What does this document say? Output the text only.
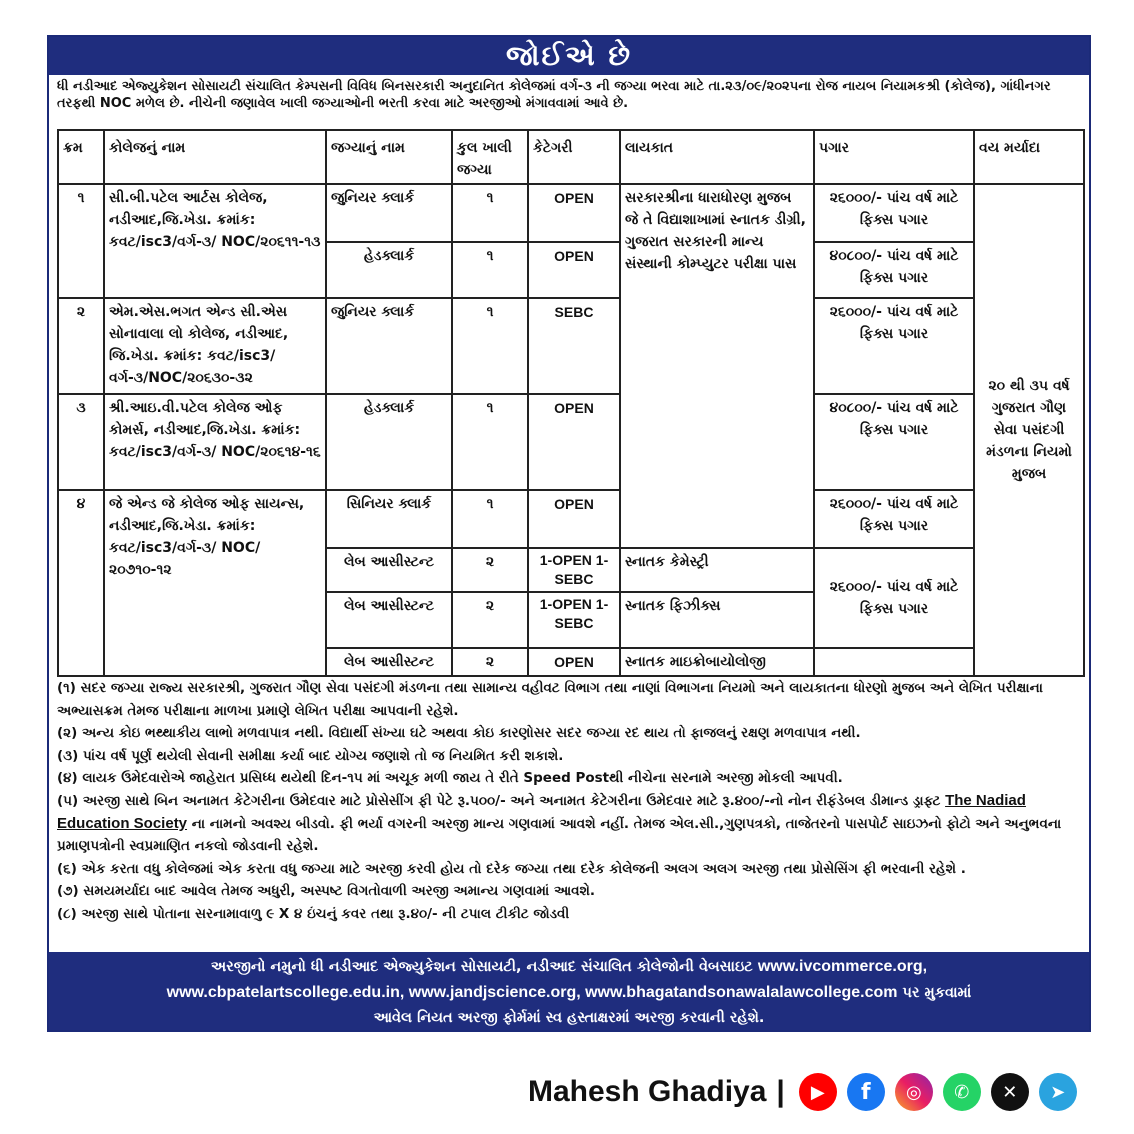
જોઈએ છે
ધી નડીઆદ એજ્યુકેશન સોસાયટી સંચાલિત કેમ્પસની વિવિધ બિનસરકારી અનુદાનિત કોલેજમાં વર્ગ-૩ ની જગ્યા ભરવા માટે તા.૨૩/૦૯/૨૦૨૫ના રોજ નાયબ નિયામકશ્રી (કોલેજ), ગાંધીનગર તરફથી NOC મળેલ છે. નીચેની જણાવેલ ખાલી જગ્યાઓની ભરતી કરવા માટે અરજીઓ મંગાવવામાં આવે છે.
ક્રમ	કોલેજનું નામ	જગ્યાનું નામ	કુલ ખાલી જગ્યા	કેટેગરી	લાયકાત	પગાર	વય મર્યાદા
૧	સી.બી.પટેલ આર્ટસ કોલેજ, નડીઆદ,જિ.ખેડા. ક્રમાંક: કવટ/isc3/વર્ગ-૩/ NOC/૨૦૬૧૧-૧૩	જુનિયર ક્લાર્ક	૧	OPEN	સરકારશ્રીના ધારાધોરણ મુજબ જે તે વિદ્યાશાખામાં સ્નાતક ડીગ્રી, ગુજરાત સરકારની માન્ય સંસ્થાની કોમ્પ્યુટર પરીક્ષા પાસ	૨૬૦૦૦/- પાંચ વર્ષ માટે ફિક્સ પગાર	૨૦ થી ૩૫ વર્ષ ગુજરાત ગૌણ સેવા પસંદગી મંડળના નિયમો મુજબ
		હેડક્લાર્ક	૧	OPEN		૪૦૮૦૦/- પાંચ વર્ષ માટે ફિક્સ પગાર	
૨	એમ.એસ.ભગત એન્ડ સી.એસ સોનાવાલા લો કોલેજ, નડીઆદ, જિ.ખેડા. ક્રમાંક: કવટ/isc3/ વર્ગ-૩/NOC/૨૦૬૩૦-૩૨	જુનિયર ક્લાર્ક	૧	SEBC		૨૬૦૦૦/- પાંચ વર્ષ માટે ફિક્સ પગાર	
૩	શ્રી.આઇ.વી.પટેલ કોલેજ ઓફ કોમર્સ, નડીઆદ,જિ.ખેડા. ક્રમાંક: કવટ/isc3/વર્ગ-૩/ NOC/૨૦૬૧૪-૧૬	હેડક્લાર્ક	૧	OPEN		૪૦૮૦૦/- પાંચ વર્ષ માટે ફિક્સ પગાર	
૪	જે એન્ડ જે કોલેજ ઓફ સાયન્સ, નડીઆદ,જિ.ખેડા. ક્રમાંક: કવટ/isc3/વર્ગ-૩/ NOC/૨૦૭૧૦-૧૨	સિનિયર ક્લાર્ક	૧	OPEN		૨૬૦૦૦/- પાંચ વર્ષ માટે ફિક્સ પગાર	
		લેબ આસીસ્ટન્ટ	૨	1-OPEN 1-SEBC	સ્નાતક કેમેસ્ટ્રી	૨૬૦૦૦/- પાંચ વર્ષ માટે ફિક્સ પગાર	
		લેબ આસીસ્ટન્ટ	૨	1-OPEN 1-SEBC	સ્નાતક ફિઝીક્સ		
		લેબ આસીસ્ટન્ટ	૨	OPEN	સ્નાતક માઇક્રોબાયોલોજી		
(૧) સદર જગ્યા રાજ્ય સરકારશ્રી, ગુજરાત ગૌણ સેવા પસંદગી મંડળના તથા સામાન્ય વહીવટ વિભાગ તથા નાણાં વિભાગના નિયમો અને લાયકાતના ધોરણો મુજબ અને લેખિત પરીક્ષાના અભ્યાસક્રમ તેમજ પરીક્ષાના માળખા પ્રમાણે લેખિત પરીક્ષા આપવાની રહેશે.
(૨) અન્ય કોઇ ભથ્થાકીય લાભો મળવાપાત્ર નથી. વિદ્યાર્થી સંખ્યા ઘટે અથવા કોઇ કારણોસર સદર જગ્યા રદ થાય તો ફાજલનું રક્ષણ મળવાપાત્ર નથી.
(૩) પાંચ વર્ષ પૂર્ણ થયેલી સેવાની સમીક્ષા કર્યા બાદ યોગ્ય જણાશે તો જ નિયમિત કરી શકાશે.
(૪) લાયક ઉમેદવારોએ જાહેરાત પ્રસિધ્ધ થયેથી દિન-૧૫ માં અચૂક મળી જાય તે રીતે Speed Postથી નીચેના સરનામે અરજી મોકલી આપવી.
(૫) અરજી સાથે બિન અનામત કેટેગરીના ઉમેદવાર માટે પ્રોસેસીંગ ફી પેટે રૂ.૫૦૦/- અને અનામત કેટેગરીના ઉમેદવાર માટે રૂ.૪૦૦/-નો નોન રીફંડેબલ ડીમાન્ડ ડ્રાફ્ટ The Nadiad Education Society ના નામનો અવશ્ય બીડવો. ફી ભર્યા વગરની અરજી માન્ય ગણવામાં આવશે નહીં. તેમજ એલ.સી.,ગુણપત્રકો, તાજેતરનો પાસપોર્ટ સાઇઝનો ફોટો અને અનુભવના પ્રમાણપત્રોની સ્વપ્રમાણિત નકલો જોડવાની રહેશે.
(૬) એક કરતા વધુ કોલેજમાં એક કરતા વધુ જગ્યા માટે અરજી કરવી હોય તો દરેક જગ્યા તથા દરેક કોલેજની અલગ અલગ અરજી તથા પ્રોસેસિંગ ફી ભરવાની રહેશે .
(૭) સમયમર્યાદા બાદ આવેલ તેમજ અધુરી, અસ્પષ્ટ વિગતોવાળી અરજી અમાન્ય ગણવામાં આવશે.
(૮) અરજી સાથે પોતાના સરનામાવાળુ ૯ X ૪ ઇંચનું કવર તથા રૂ.૪૦/- ની ટપાલ ટીકીટ જોડવી
અરજીનો નમુનો ધી નડીઆદ એજ્યુકેશન સોસાયટી, નડીઆદ સંચાલિત કોલેજોની વેબસાઇટ www.ivcommerce.org,
www.cbpatelartscollege.edu.in, www.jandjscience.org, www.bhagatandsonawalalawcollege.com પર મુકવામાં
આવેલ નિયત અરજી ફોર્મમાં સ્વ હસ્તાક્ષરમાં અરજી કરવાની રહેશે.
Mahesh Ghadiya |	▶	f	◎	✆	✕	➤
